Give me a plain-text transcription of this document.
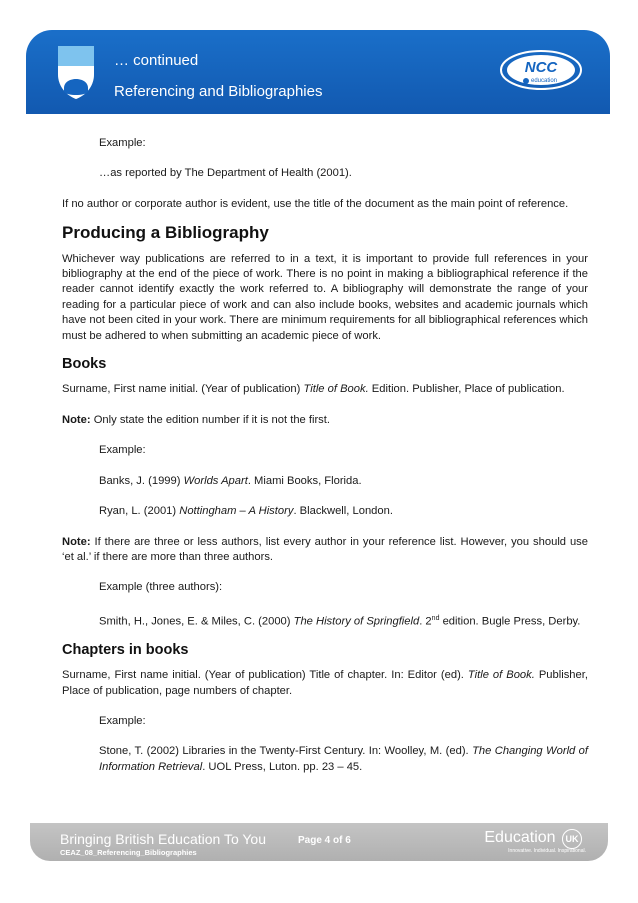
… continued
Referencing and Bibliographies
NCC
education

Example:

…as reported by The Department of Health (2001).

If no author or corporate author is evident, use the title of the document as the main point of reference.

Producing a Bibliography

Whichever way publications are referred to in a text, it is important to provide full references in your bibliography at the end of the piece of work. There is no point in making a bibliographical reference if the reader cannot identify exactly the work referred to. A bibliography will demonstrate the range of your reading for a particular piece of work and can also include books, websites and academic journals which have not been cited in your work. There are minimum requirements for all bibliographical references which must be adhered to when submitting an academic piece of work.

Books

Surname, First name initial. (Year of publication) Title of Book. Edition. Publisher, Place of publication.

Note: Only state the edition number if it is not the first.

Example:

Banks, J. (1999) Worlds Apart. Miami Books, Florida.

Ryan, L. (2001) Nottingham – A History. Blackwell, London.

Note: If there are three or less authors, list every author in your reference list. However, you should use ‘et al.’ if there are more than three authors.

Example (three authors):

Smith, H., Jones, E. & Miles, C. (2000) The History of Springfield. 2nd edition. Bugle Press, Derby.

Chapters in books

Surname, First name initial. (Year of publication) Title of chapter. In: Editor (ed). Title of Book. Publisher, Place of publication, page numbers of chapter.

Example:

Stone, T. (2002) Libraries in the Twenty-First Century. In: Woolley, M. (ed). The Changing World of Information Retrieval. UOL Press, Luton. pp. 23 – 45.

Bringing British Education To You
CEAZ_08_Referencing_Bibliographies
Page 4 of 6	Education UK
Innovative. Individual. Inspirational.
